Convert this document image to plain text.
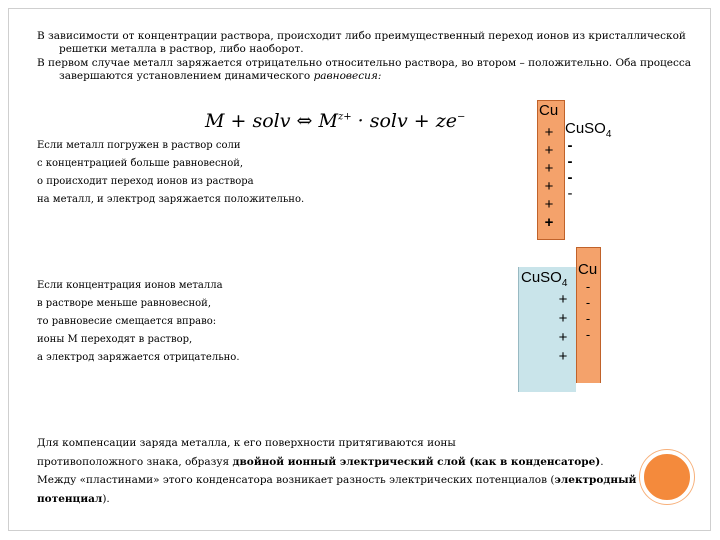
В зависимости от концентрации раствора, происходит либо преимущественный переход ионов из кристаллической решетки металла в раствор, либо наоборот.
В первом случае металл заряжается отрицательно относительно раствора, во втором – положительно. Оба процесса завершаются установлением динамического равновесия:
M + solv ⇔ $M^{z+}$ · solv + ze−
Если металл погружен в раствор соли
с концентрацией больше равновесной,
о происходит переход ионов из раствора
на металл, и электрод заряжается положительно.
Если концентрация ионов металла
в растворе меньше равновесной,
то равновесие смещается вправо:
ионы М переходят в раствор,
а электрод заряжается отрицательно.
Cu
CuSO$_4$
+
+
+
+
+
+
-
-
-
-
CuSO$_4$
Cu
+
+
+
+
-
-
-
-
Для компенсации заряда металла, к его поверхности притягиваются ионы
противоположного знака, образуя двойной ионный электрический слой (как в конденсаторе).
Между «пластинами» этого конденсатора возникает разность электрических потенциалов (электродный потенциал).
